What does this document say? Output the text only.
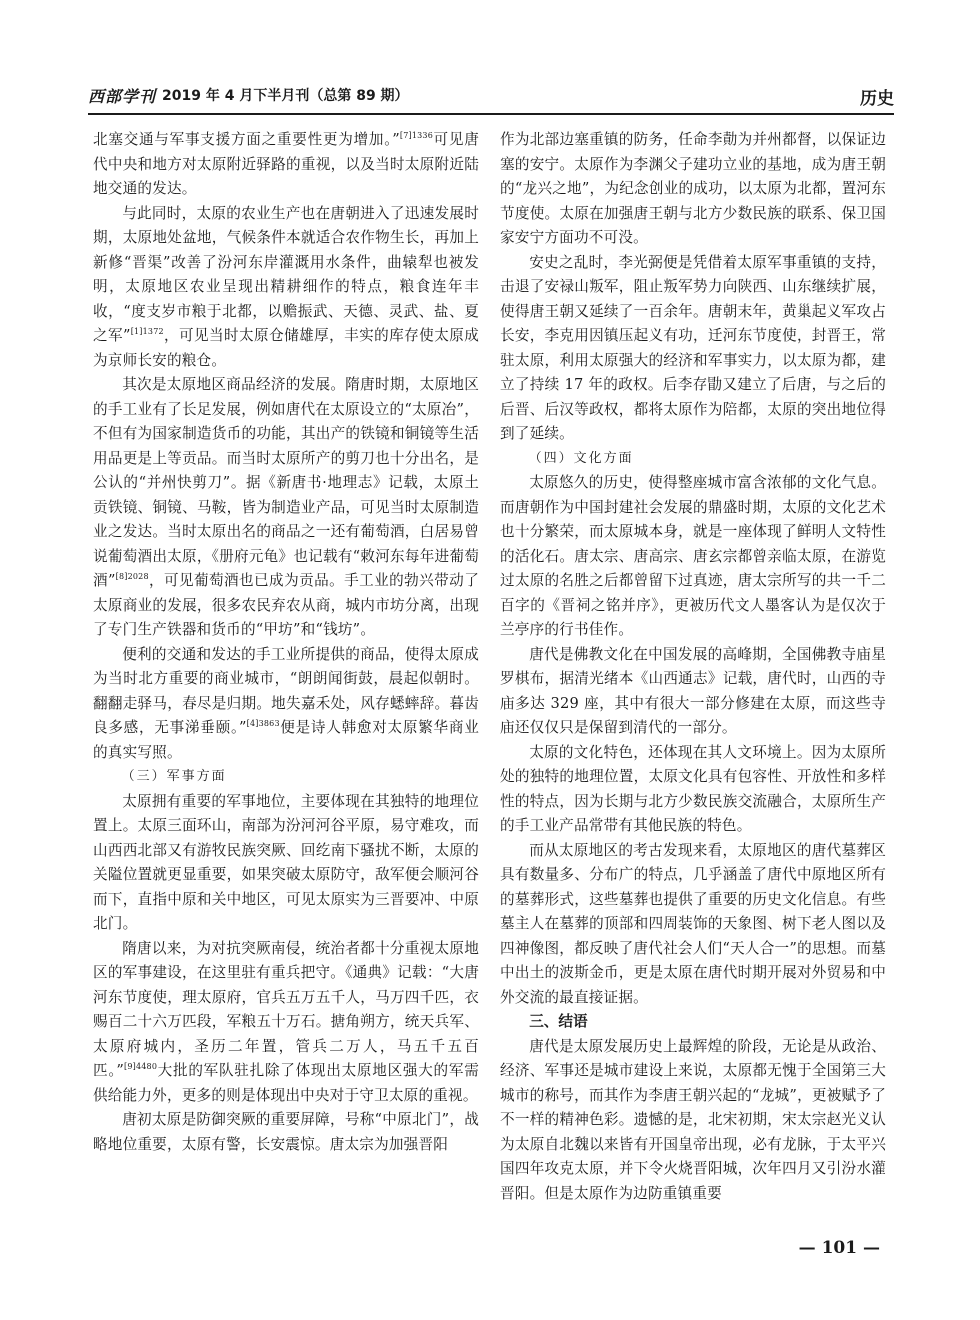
西部学刊 2019 年 4 月下半月刊（总第 89 期）	历史

北塞交通与军事支援方面之重要性更为增加。”$^{[7]1336}$可见唐代中央和地方对太原附近驿路的重视，以及当时太原附近陆地交通的发达。

与此同时，太原的农业生产也在唐朝进入了迅速发展时期，太原地处盆地，气候条件本就适合农作物生长，再加上新修“晋渠”改善了汾河东岸灌溉用水条件，曲辕犁也被发明，太原地区农业呈现出精耕细作的特点，粮食连年丰收，“度支岁市粮于北都，以赡振武、天德、灵武、盐、夏之军”$^{[1]1372}$，可见当时太原仓储雄厚，丰实的库存使太原成为京师长安的粮仓。

其次是太原地区商品经济的发展。隋唐时期，太原地区的手工业有了长足发展，例如唐代在太原设立的“太原冶”，不但有为国家制造货币的功能，其出产的铁镜和铜镜等生活用品更是上等贡品。而当时太原所产的剪刀也十分出名，是公认的“并州快剪刀”。据《新唐书·地理志》记载，太原土贡铁镜、铜镜、马鞍，皆为制造业产品，可见当时太原制造业之发达。当时太原出名的商品之一还有葡萄酒，白居易曾说葡萄酒出太原，《册府元龟》也记载有“敕河东每年进葡萄酒”$^{[8]2028}$，可见葡萄酒也已成为贡品。手工业的勃兴带动了太原商业的发展，很多农民弃农从商，城内市坊分离，出现了专门生产铁器和货币的“甲坊”和“钱坊”。

便利的交通和发达的手工业所提供的商品，使得太原成为当时北方重要的商业城市，“朗朗闻街鼓，晨起似朝时。翻翻走驿马，春尽是归期。地失嘉禾处，风存蟋蟀辞。暮齿良多感，无事涕垂颐。”$^{[4]3863}$便是诗人韩愈对太原繁华商业的真实写照。

（三）军事方面

太原拥有重要的军事地位，主要体现在其独特的地理位置上。太原三面环山，南部为汾河河谷平原，易守难攻，而山西西北部又有游牧民族突厥、回纥南下骚扰不断，太原的关隘位置就更显重要，如果突破太原防守，敌军便会顺河谷而下，直指中原和关中地区，可见太原实为三晋要冲、中原北门。

隋唐以来，为对抗突厥南侵，统治者都十分重视太原地区的军事建设，在这里驻有重兵把守。《通典》记载：“大唐河东节度使，理太原府，官兵五万五千人，马万四千匹，衣赐百二十六万匹段，军粮五十万石。搪角朔方，统天兵军、太原府城内，圣历二年置，管兵二万人，马五千五百匹。”$^{[9]4480}$大批的军队驻扎除了体现出太原地区强大的军需供给能力外，更多的则是体现出中央对于守卫太原的重视。

唐初太原是防御突厥的重要屏障，号称“中原北门”，战略地位重要，太原有警，长安震惊。唐太宗为加强晋阳

作为北部边塞重镇的防务，任命李勣为并州都督，以保证边塞的安宁。太原作为李渊父子建功立业的基地，成为唐王朝的“龙兴之地”，为纪念创业的成功，以太原为北都，置河东节度使。太原在加强唐王朝与北方少数民族的联系、保卫国家安宁方面功不可没。

安史之乱时，李光弼便是凭借着太原军事重镇的支持，击退了安禄山叛军，阻止叛军势力向陕西、山东继续扩展，使得唐王朝又延续了一百余年。唐朝末年，黄巢起义军攻占长安，李克用因镇压起义有功，迁河东节度使，封晋王，常驻太原，利用太原强大的经济和军事实力，以太原为都，建立了持续 17 年的政权。后李存勖又建立了后唐，与之后的后晋、后汉等政权，都将太原作为陪都，太原的突出地位得到了延续。

（四）文化方面

太原悠久的历史，使得整座城市富含浓郁的文化气息。而唐朝作为中国封建社会发展的鼎盛时期，太原的文化艺术也十分繁荣，而太原城本身，就是一座体现了鲜明人文特性的活化石。唐太宗、唐高宗、唐玄宗都曾亲临太原，在游览过太原的名胜之后都曾留下过真迹，唐太宗所写的共一千二百字的《晋祠之铭并序》，更被历代文人墨客认为是仅次于兰亭序的行书佳作。

唐代是佛教文化在中国发展的高峰期，全国佛教寺庙星罗棋布，据清光绪本《山西通志》记载，唐代时，山西的寺庙多达 329 座，其中有很大一部分修建在太原，而这些寺庙还仅仅只是保留到清代的一部分。

太原的文化特色，还体现在其人文环境上。因为太原所处的独特的地理位置，太原文化具有包容性、开放性和多样性的特点，因为长期与北方少数民族交流融合，太原所生产的手工业产品常带有其他民族的特色。

而从太原地区的考古发现来看，太原地区的唐代墓葬区具有数量多、分布广的特点，几乎涵盖了唐代中原地区所有的墓葬形式，这些墓葬也提供了重要的历史文化信息。有些墓主人在墓葬的顶部和四周装饰的天象图、树下老人图以及四神像图，都反映了唐代社会人们“天人合一”的思想。而墓中出土的波斯金币，更是太原在唐代时期开展对外贸易和中外交流的最直接证据。

三、结语

唐代是太原发展历史上最辉煌的阶段，无论是从政治、经济、军事还是城市建设上来说，太原都无愧于全国第三大城市的称号，而其作为李唐王朝兴起的“龙城”，更被赋予了不一样的精神色彩。遗憾的是，北宋初期，宋太宗赵光义认为太原自北魏以来皆有开国皇帝出现，必有龙脉，于太平兴国四年攻克太原，并下令火烧晋阳城，次年四月又引汾水灌晋阳。但是太原作为边防重镇重要

— 101 —
